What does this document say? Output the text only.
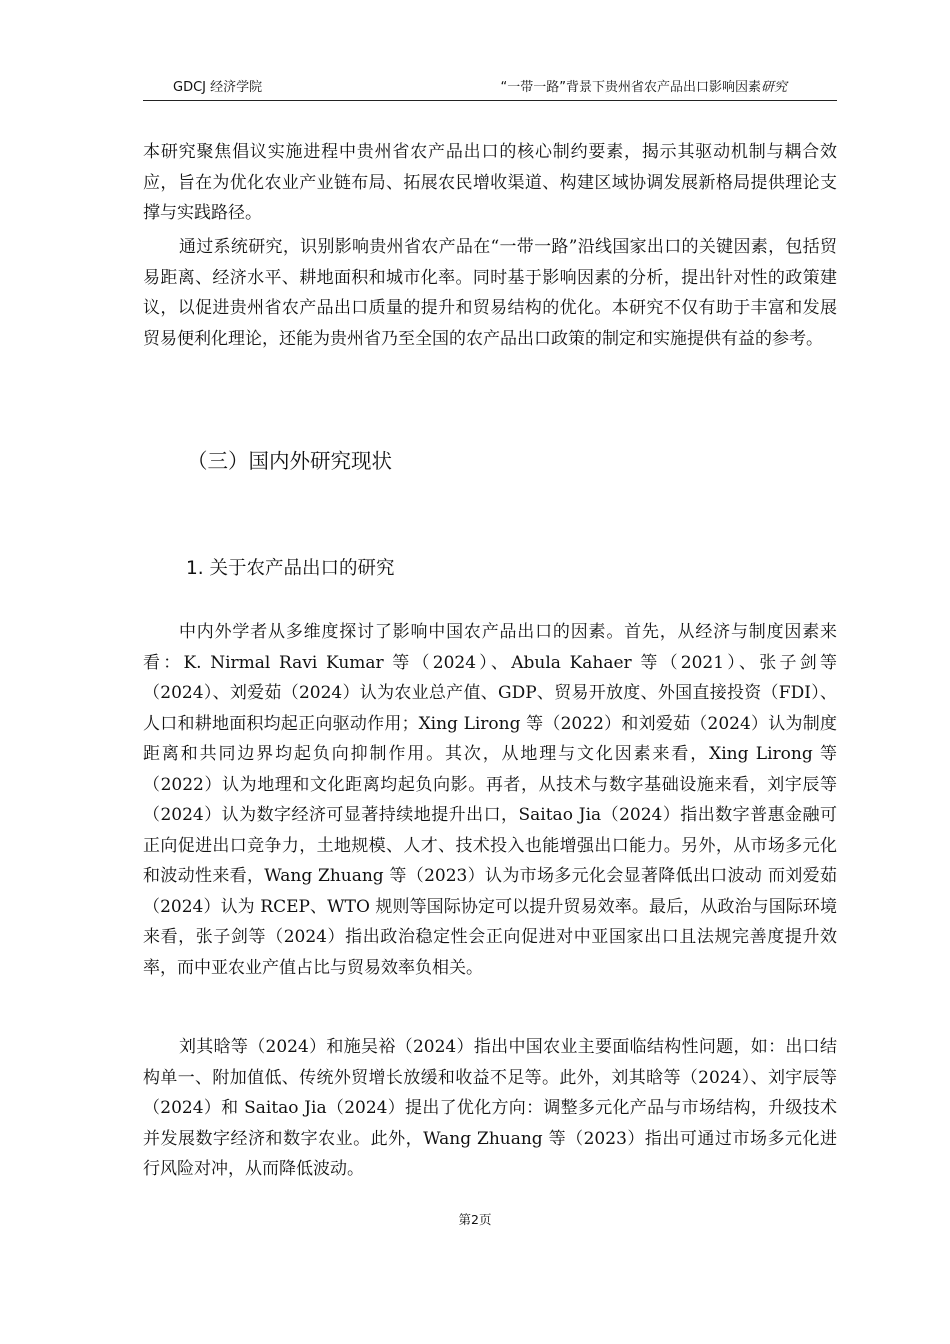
GDCJ 经济学院	“一带一路”背景下贵州省农产品出口影响因素研究

本研究聚焦倡议实施进程中贵州省农产品出口的核心制约要素，揭示其驱动机制与耦合效应，旨在为优化农业产业链布局、拓展农民增收渠道、构建区域协调发展新格局提供理论支撑与实践路径。

通过系统研究，识别影响贵州省农产品在“一带一路”沿线国家出口的关键因素，包括贸易距离、经济水平、耕地面积和城市化率。同时基于影响因素的分析，提出针对性的政策建议，以促进贵州省农产品出口质量的提升和贸易结构的优化。本研究不仅有助于丰富和发展贸易便利化理论，还能为贵州省乃至全国的农产品出口政策的制定和实施提供有益的参考。

（三）国内外研究现状
1. 关于农产品出口的研究

中内外学者从多维度探讨了影响中国农产品出口的因素。首先，从经济与制度因素来看：K. Nirmal Ravi Kumar 等（2024）、Abula Kahaer 等（2021）、张子剑等（2024）、刘爱茹（2024）认为农业总产值、GDP、贸易开放度、外国直接投资（FDI）、人口和耕地面积均起正向驱动作用；Xing Lirong 等（2022）和刘爱茹（2024）认为制度距离和共同边界均起负向抑制作用。其次，从地理与文化因素来看，Xing Lirong 等（2022）认为地理和文化距离均起负向影。再者，从技术与数字基础设施来看，刘宇辰等（2024）认为数字经济可显著持续地提升出口，Saitao Jia（2024）指出数字普惠金融可正向促进出口竞争力，土地规模、人才、技术投入也能增强出口能力。另外，从市场多元化和波动性来看，Wang Zhuang 等（2023）认为市场多元化会显著降低出口波动 而刘爱茹（2024）认为 RCEP、WTO 规则等国际协定可以提升贸易效率。最后，从政治与国际环境来看，张子剑等（2024）指出政治稳定性会正向促进对中亚国家出口且法规完善度提升效率，而中亚农业产值占比与贸易效率负相关。

刘其晗等（2024）和施吴裕（2024）指出中国农业主要面临结构性问题，如：出口结构单一、附加值低、传统外贸增长放缓和收益不足等。此外，刘其晗等（2024）、刘宇辰等（2024）和 Saitao Jia（2024）提出了优化方向：调整多元化产品与市场结构，升级技术并发展数字经济和数字农业。此外，Wang Zhuang 等（2023）指出可通过市场多元化进行风险对冲，从而降低波动。

第2页
